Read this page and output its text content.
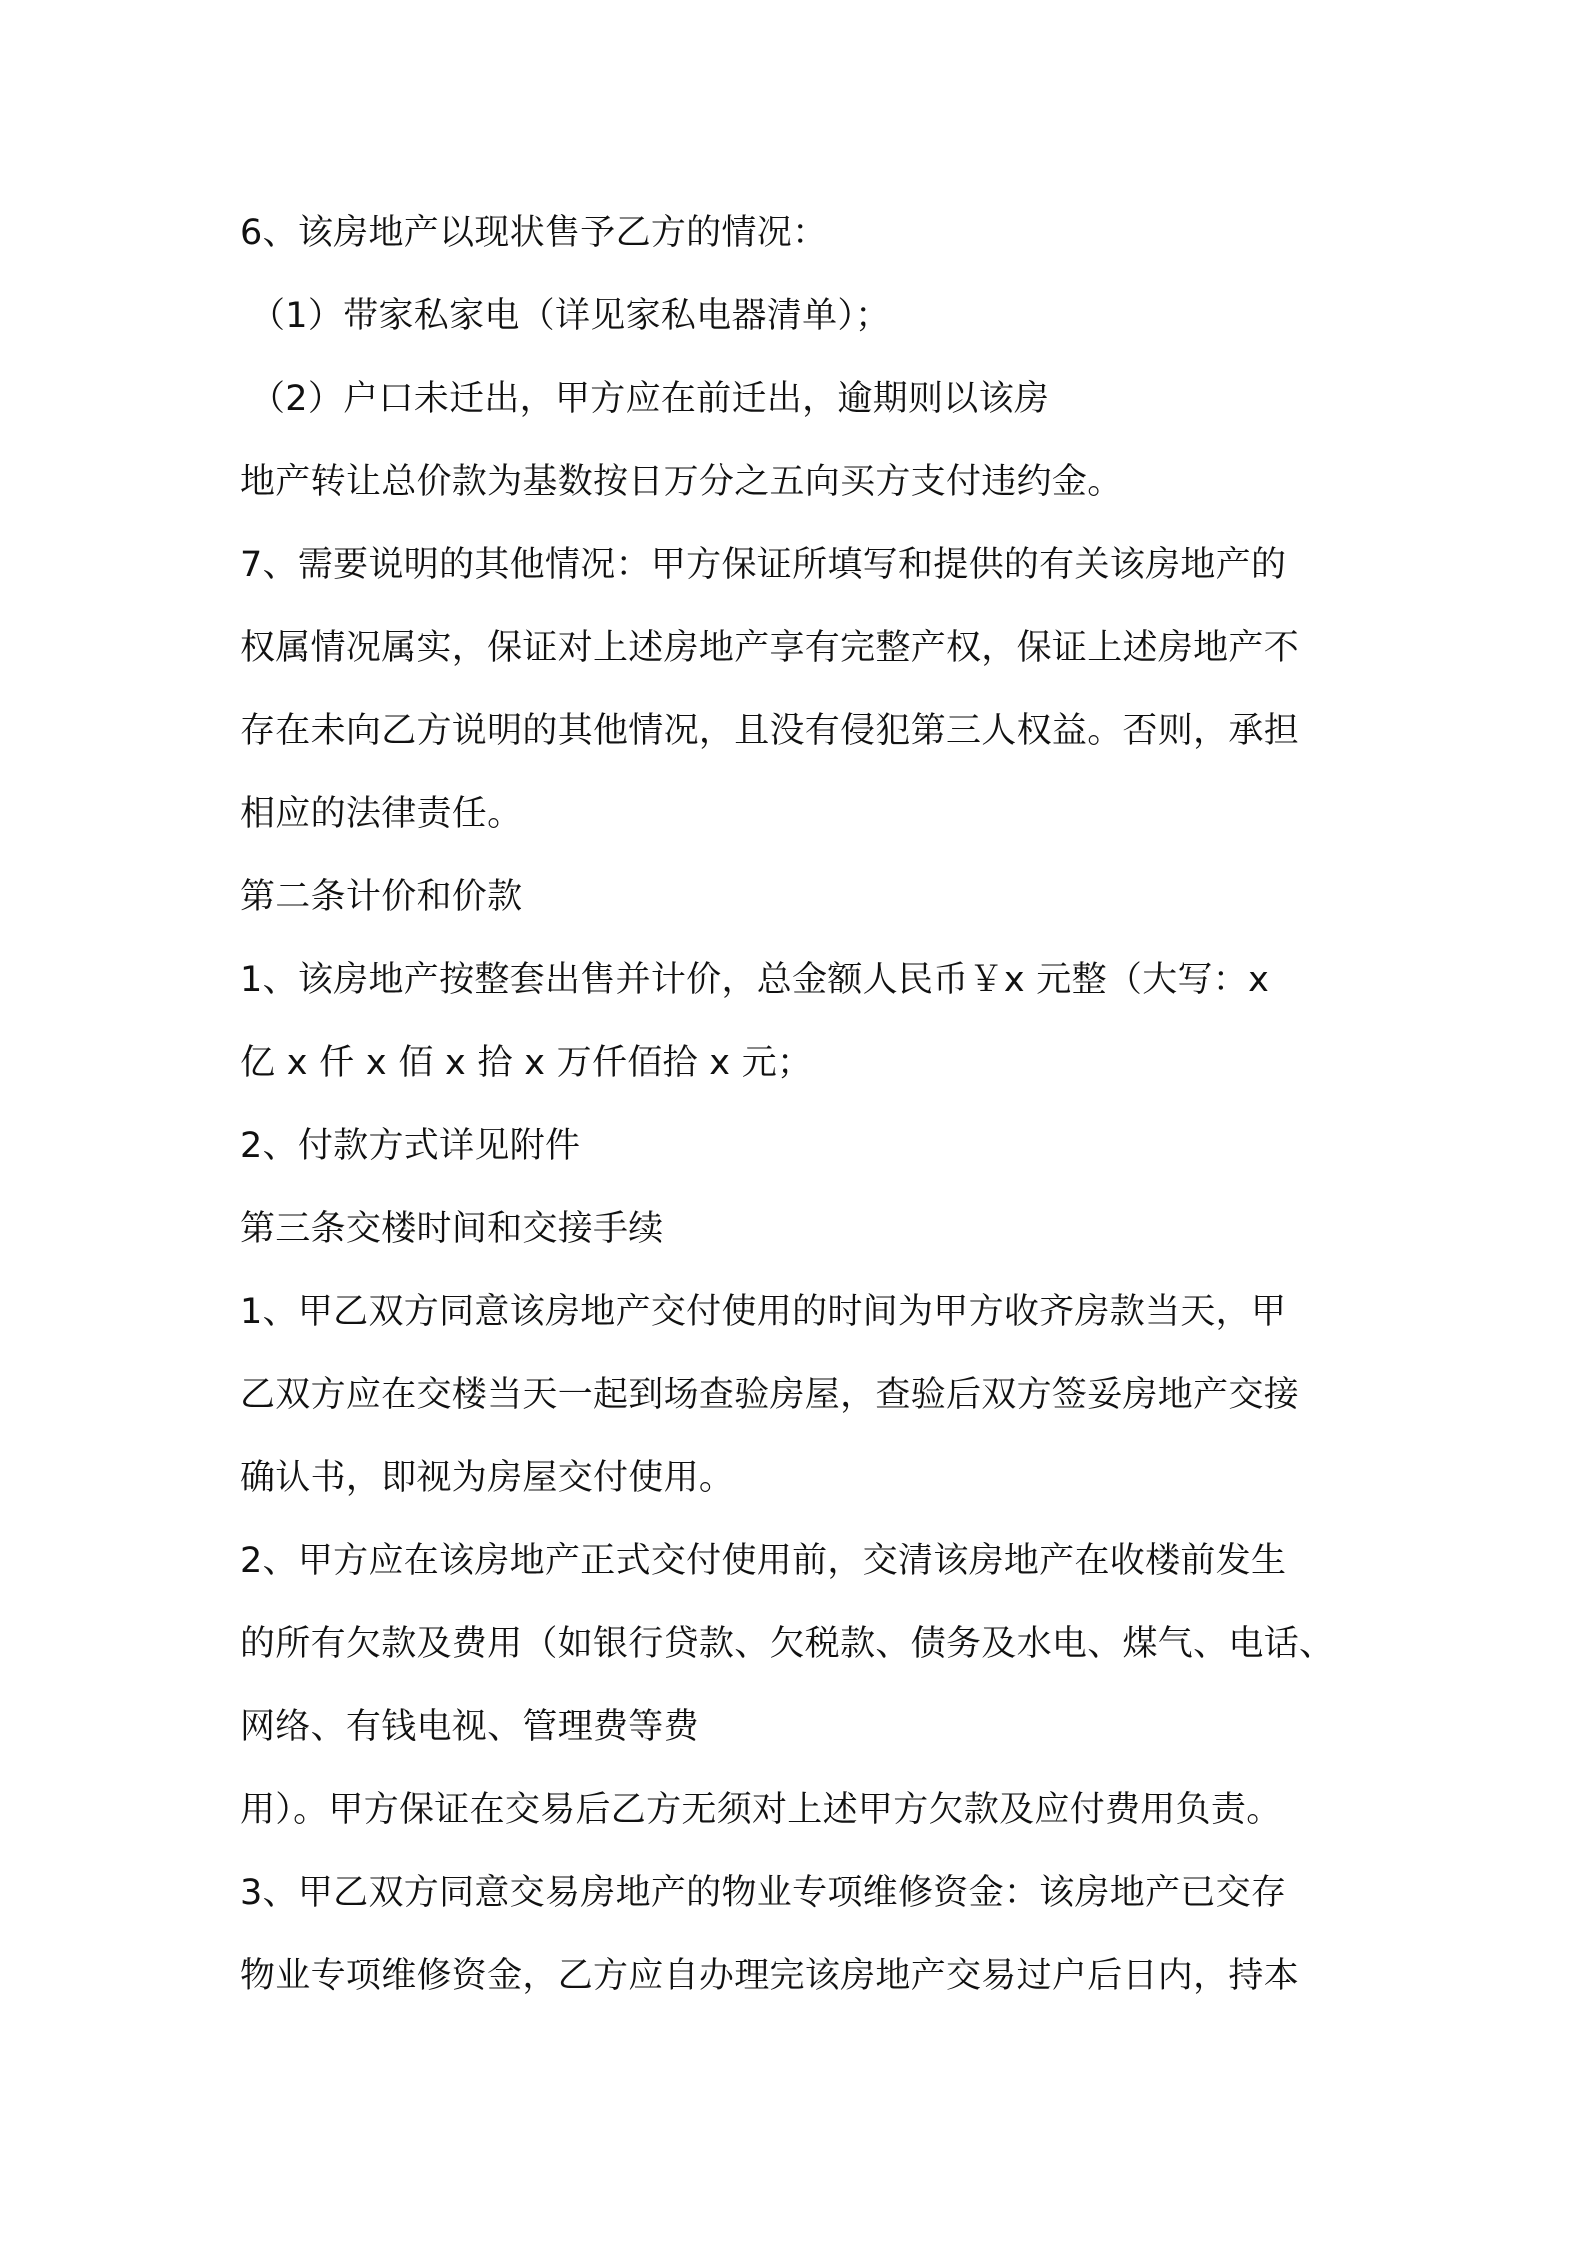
6、该房地产以现状售予乙方的情况：
（1）带家私家电（详见家私电器清单）；
（2）户口未迁出，甲方应在前迁出，逾期则以该房
地产转让总价款为基数按日万分之五向买方支付违约金。
7、需要说明的其他情况：甲方保证所填写和提供的有关该房地产的
权属情况属实，保证对上述房地产享有完整产权，保证上述房地产不
存在未向乙方说明的其他情况，且没有侵犯第三人权益。否则，承担
相应的法律责任。
第二条计价和价款
1、该房地产按整套出售并计价，总金额人民币￥x 元整（大写：x
亿 x 仟 x 佰 x 拾 x 万仟佰拾 x 元；
2、付款方式详见附件
第三条交楼时间和交接手续
1、甲乙双方同意该房地产交付使用的时间为甲方收齐房款当天，甲
乙双方应在交楼当天一起到场查验房屋，查验后双方签妥房地产交接
确认书，即视为房屋交付使用。
2、甲方应在该房地产正式交付使用前，交清该房地产在收楼前发生
的所有欠款及费用（如银行贷款、欠税款、债务及水电、煤气、电话、
网络、有钱电视、管理费等费
用）。甲方保证在交易后乙方无须对上述甲方欠款及应付费用负责。
3、甲乙双方同意交易房地产的物业专项维修资金：该房地产已交存
物业专项维修资金，乙方应自办理完该房地产交易过户后日内，持本
